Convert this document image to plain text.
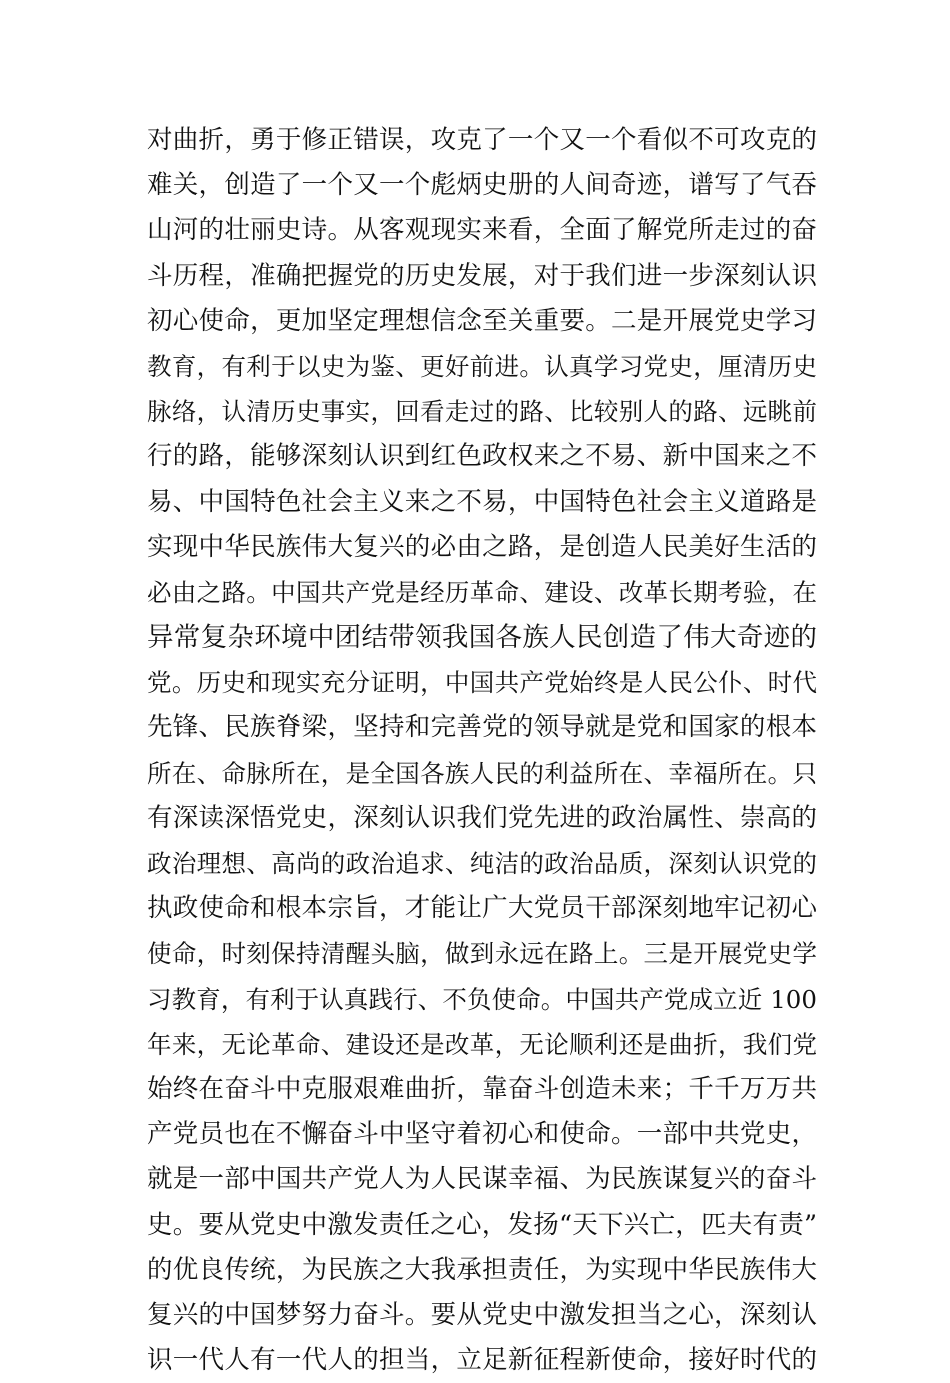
对曲折，勇于修正错误，攻克了一个又一个看似不可攻克的
难关，创造了一个又一个彪炳史册的人间奇迹，谱写了气吞
山河的壮丽史诗。从客观现实来看，全面了解党所走过的奋
斗历程，准确把握党的历史发展，对于我们进一步深刻认识
初心使命，更加坚定理想信念至关重要。二是开展党史学习
教育，有利于以史为鉴、更好前进。认真学习党史，厘清历史
脉络，认清历史事实，回看走过的路、比较别人的路、远眺前
行的路，能够深刻认识到红色政权来之不易、新中国来之不
易、中国特色社会主义来之不易，中国特色社会主义道路是
实现中华民族伟大复兴的必由之路，是创造人民美好生活的
必由之路。中国共产党是经历革命、建设、改革长期考验，在
异常复杂环境中团结带领我国各族人民创造了伟大奇迹的
党。历史和现实充分证明，中国共产党始终是人民公仆、时代
先锋、民族脊梁，坚持和完善党的领导就是党和国家的根本
所在、命脉所在，是全国各族人民的利益所在、幸福所在。只
有深读深悟党史，深刻认识我们党先进的政治属性、崇高的
政治理想、高尚的政治追求、纯洁的政治品质，深刻认识党的
执政使命和根本宗旨，才能让广大党员干部深刻地牢记初心
使命，时刻保持清醒头脑，做到永远在路上。三是开展党史学
习教育，有利于认真践行、不负使命。中国共产党成立近 100
年来，无论革命、建设还是改革，无论顺利还是曲折，我们党
始终在奋斗中克服艰难曲折，靠奋斗创造未来；千千万万共
产党员也在不懈奋斗中坚守着初心和使命。一部中共党史，
就是一部中国共产党人为人民谋幸福、为民族谋复兴的奋斗
史。要从党史中激发责任之心，发扬“天下兴亡，匹夫有责”
的优良传统，为民族之大我承担责任，为实现中华民族伟大
复兴的中国梦努力奋斗。要从党史中激发担当之心，深刻认
识一代人有一代人的担当，立足新征程新使命，接好时代的
